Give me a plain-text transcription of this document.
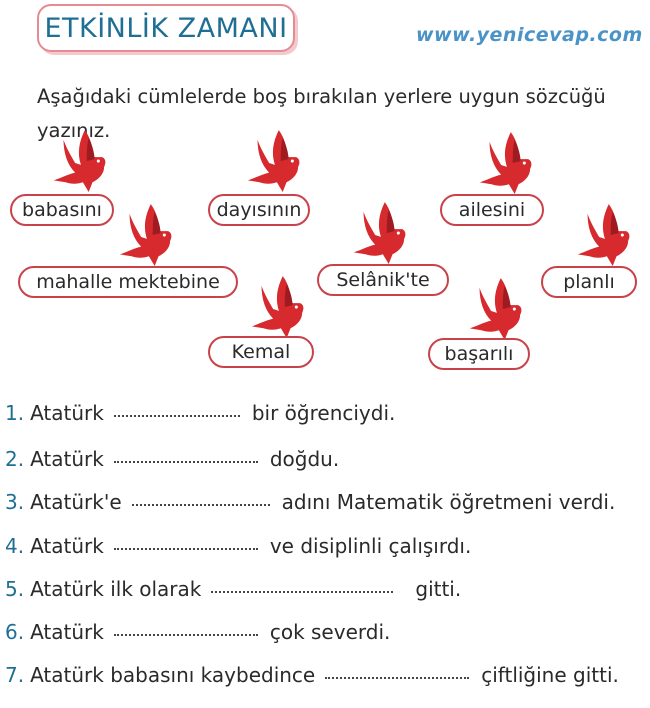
ETKİNLİK ZAMANI	www.yenicevap.com
Aşağıdaki cümlelerde boş bırakılan yerlere uygun sözcüğü yazınız.
babasını	dayısının	ailesini
mahalle mektebine	Selânik'te	planlı
Kemal	başarılı
1. Atatürk	bir öğrenciydi.
2. Atatürk	doğdu.
3. Atatürk'e	adını Matematik öğretmeni verdi.
4. Atatürk	ve disiplinli çalışırdı.
5. Atatürk ilk olarak	gitti.
6. Atatürk	çok severdi.
7. Atatürk babasını kaybedince	çiftliğine gitti.
